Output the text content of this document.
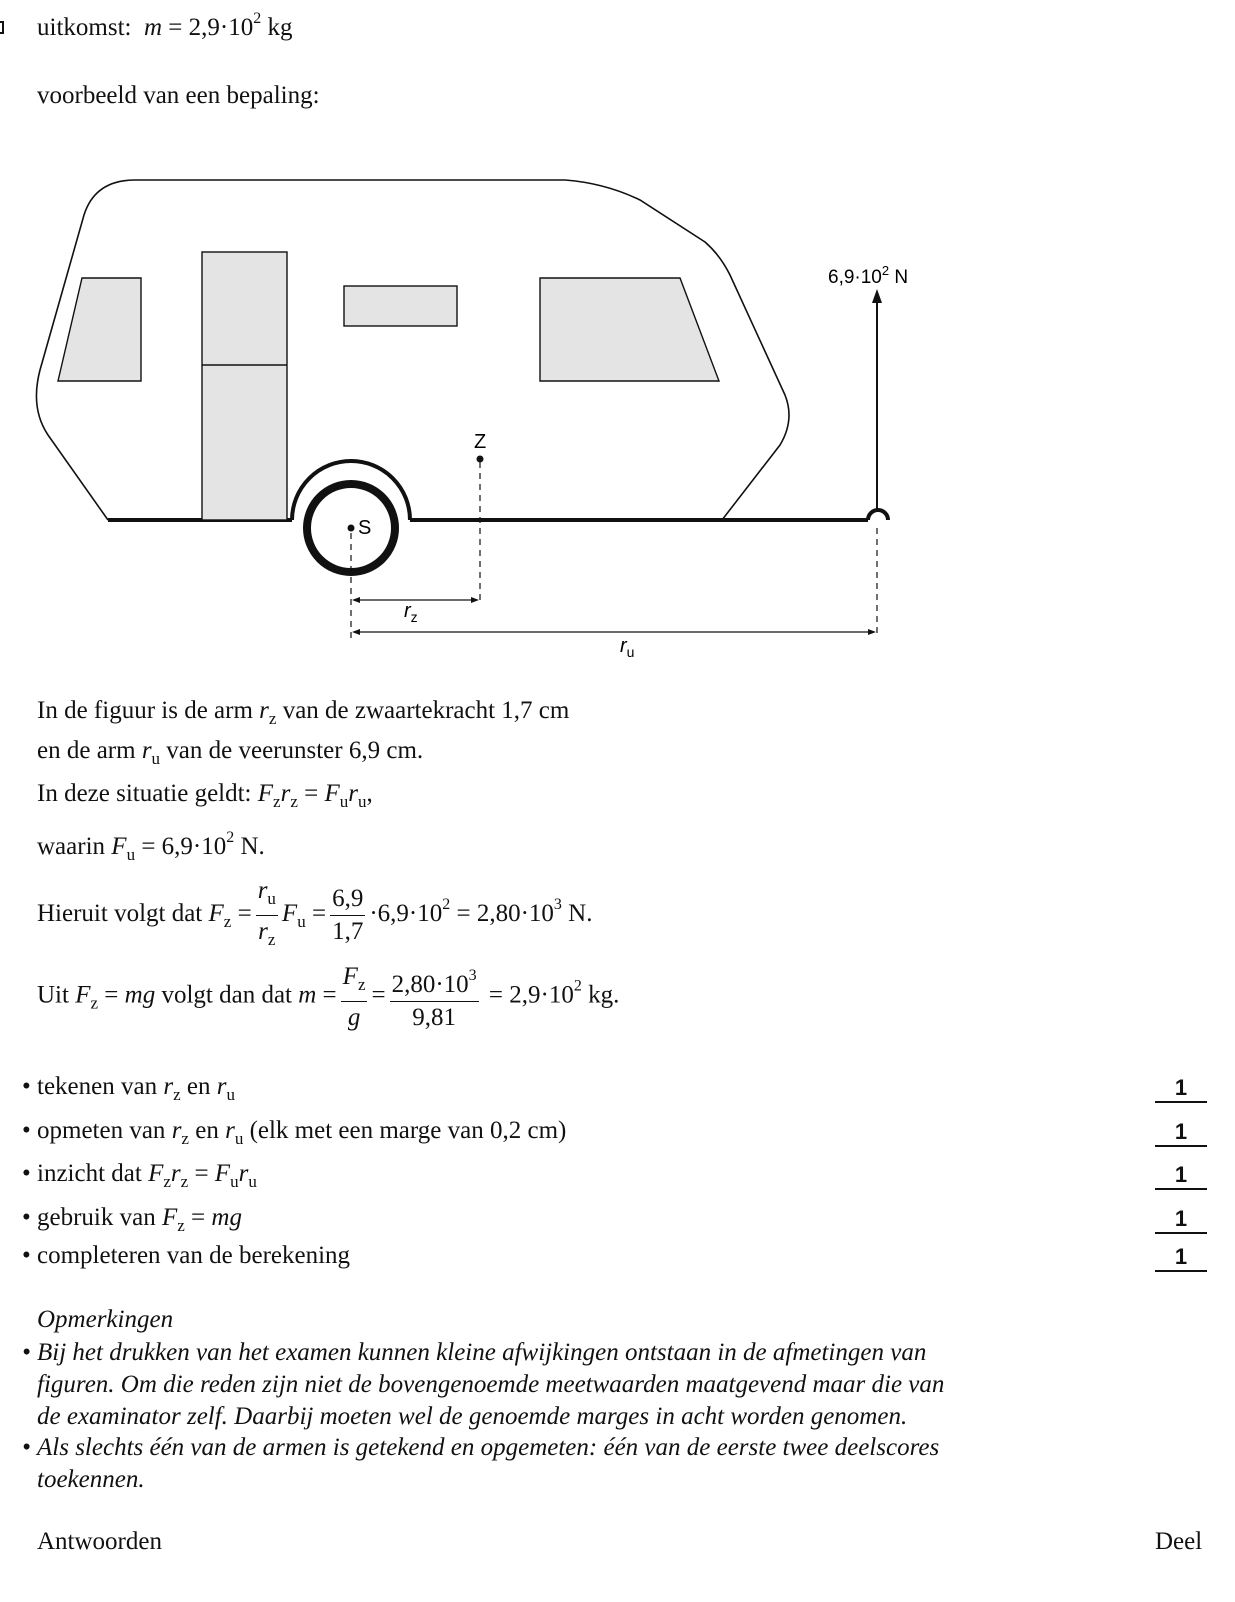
uitkomst: $m = 2,9\cdot 10^2$ kg
voorbeeld van een bepaling:
Z
S
$6,9\cdot 10^2$ N
$r_z$
$r_u$
In de figuur is de arm $r_z$ van de zwaartekracht 1,7 cm
en de arm $r_u$ van de veerunster 6,9 cm.
In deze situatie geldt: $F_zr_z = F_ur_u$,
waarin $F_u = 6,9\cdot 10^2$ N.
Hieruit volgt dat $F_z = \frac{r_u}{r_z} F_u = \frac{6,9}{1,7} \cdot 6,9\cdot 10^2 = 2,80\cdot 10^3$ N.
Uit $F_z$ = mg volgt dan dat $m = \frac{F_z}{g} = \frac{2,80\cdot 10^3}{9,81} = 2,9\cdot 10^2$ kg.
• tekenen van $r_z$ en $r_u$	1
• opmeten van $r_z$ en $r_u$ (elk met een marge van 0,2 cm)	1
• inzicht dat $F_zr_z = F_ur_u$	1
• gebruik van $F_z$ = mg	1
• completeren van de berekening	1
Opmerkingen
• Bij het drukken van het examen kunnen kleine afwijkingen ontstaan in de afmetingen van
figuren. Om die reden zijn niet de bovengenoemde meetwaarden maatgevend maar die van
de examinator zelf. Daarbij moeten wel de genoemde marges in acht worden genomen.
• Als slechts één van de armen is getekend en opgemeten: één van de eerste twee deelscores
toekennen.
Antwoorden	Deel
